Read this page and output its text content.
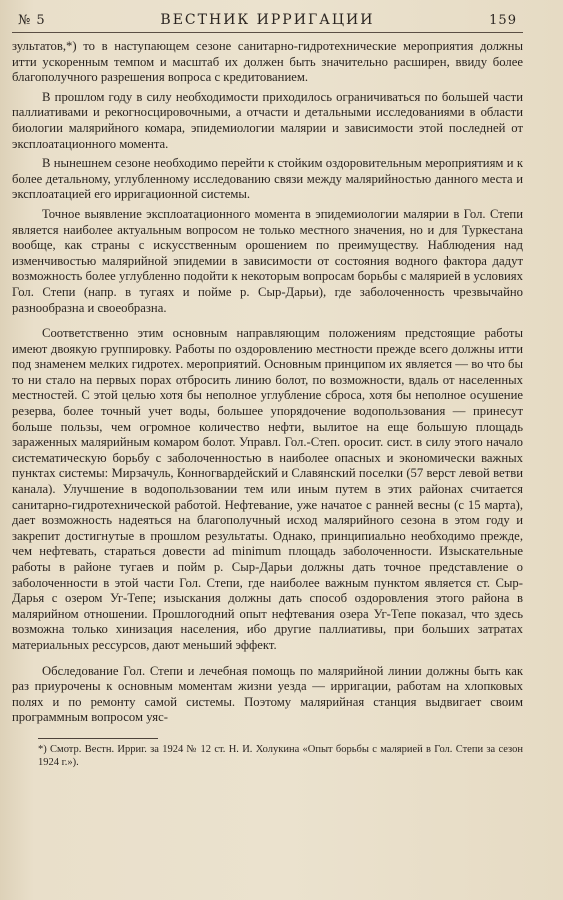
№ 5	ВЕСТНИК ИРРИГАЦИИ	159

зультатов,*) то в наступающем сезоне санитарно-гидротехнические мероприятия должны итти ускоренным темпом и масштаб их должен быть значительно расширен, ввиду более благополучного разрешения вопроса с кредитованием.

В прошлом году в силу необходимости приходилось ограничиваться по большей части паллиативами и рекогносцировочными, а отчасти и детальными исследованиями в области биологии малярийного комара, эпидемиологии малярии и зависимости этой последней от эксплоатационного момента.

В нынешнем сезоне необходимо перейти к стойким оздоровительным мероприятиям и к более детальному, углубленному исследованию связи между малярийностью данного места и эксплоатацией его ирригационной системы.

Точное выявление эксплоатационного момента в эпидемиологии малярии в Гол. Степи является наиболее актуальным вопросом не только местного значения, но и для Туркестана вообще, как страны с искусственным орошением по преимуществу. Наблюдения над изменчивостью малярийной эпидемии в зависимости от состояния водного фактора дадут возможность более углубленно подойти к некоторым вопросам борьбы с малярией в условиях Гол. Степи (напр. в тугаях и пойме р. Сыр-Дарьи), где заболоченность чрезвычайно разнообразна и своеобразна.

Соответственно этим основным направляющим положениям предстоящие работы имеют двоякую группировку. Работы по оздоровлению местности прежде всего должны итти под знаменем мелких гидротех. мероприятий. Основным принципом их является — во что бы то ни стало на первых порах отбросить линию болот, по возможности, вдаль от населенных местностей. С этой целью хотя бы неполное углубление сброса, хотя бы неполное осушение резерва, более точный учет воды, большее упорядочение водопользования — принесут больше пользы, чем огромное количество нефти, вылитое на еще большую площадь зараженных малярийным комаром болот. Управл. Гол.-Степ. оросит. сист. в силу этого начало систематическую борьбу с заболоченностью в наиболее опасных и экономически важных пунктах системы: Мирзачуль, Конногвардейский и Славянский поселки (57 верст левой ветви канала). Улучшение в водопользовании тем или иным путем в этих районах считается санитарно-гидротехнической работой. Нефтевание, уже начатое с ранней весны (с 15 марта), дает возможность надеяться на благополучный исход малярийного сезона в этом году и закрепит достигнутые в прошлом результаты. Однако, принципиально необходимо прежде, чем нефтевать, стараться довести ad minimum площадь заболоченности. Изыскательные работы в районе тугаев и пойм р. Сыр-Дарьи должны дать точное представление о заболоченности в этой части Гол. Степи, где наиболее важным пунктом является ст. Сыр-Дарья с озером Уг-Тепе; изыскания должны дать способ оздоровления этого района в малярийном отношении. Прошлогодний опыт нефтевания озера Уг-Тепе показал, что здесь возможна только хинизация населения, ибо другие паллиативы, при больших затратах материальных рессурсов, дают меньший эффект.

Обследование Гол. Степи и лечебная помощь по малярийной линии должны быть как раз приурочены к основным моментам жизни уезда — ирригации, работам на хлопковых полях и по ремонту самой системы. Поэтому малярийная станция выдвигает своим программным вопросом уяс-

*) Смотр. Вестн. Ирриг. за 1924 № 12 ст. Н. И. Холукина «Опыт борьбы с малярией в Гол. Степи за сезон 1924 г.»).
